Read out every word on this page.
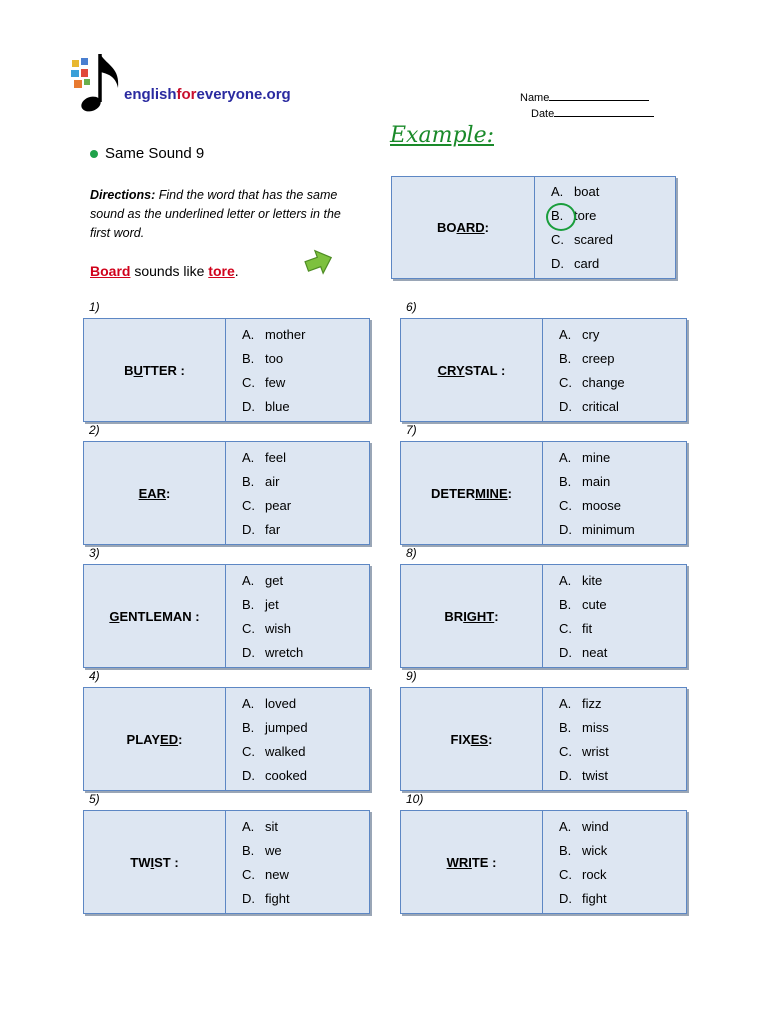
englishforeveryone.org	Name
Date
Same Sound 9
Example:
Directions: Find the word that has the same sound as the underlined letter or letters in the first word.
Board sounds like tore.
BO ARD :
A. boat
B. tore
C. scared
D. card
1)
B U TTER :
A. mother
B. too
C. few
D. blue
2)
EAR :
A. feel
B. air
C. pear
D. far
3)
G ENTLEMAN :
A. get
B. jet
C. wish
D. wretch
4)
PLAY ED :
A. loved
B. jumped
C. walked
D. cooked
5)
TW I ST :
A. sit
B. we
C. new
D. fight
6)
CRY STAL :
A. cry
B. creep
C. change
D. critical
7)
DETER MINE :
A. mine
B. main
C. moose
D. minimum
8)
BR IGHT :
A. kite
B. cute
C. fit
D. neat
9)
FIX ES :
A. fizz
B. miss
C. wrist
D. twist
10)
WRI TE :
A. wind
B. wick
C. rock
D. fight
